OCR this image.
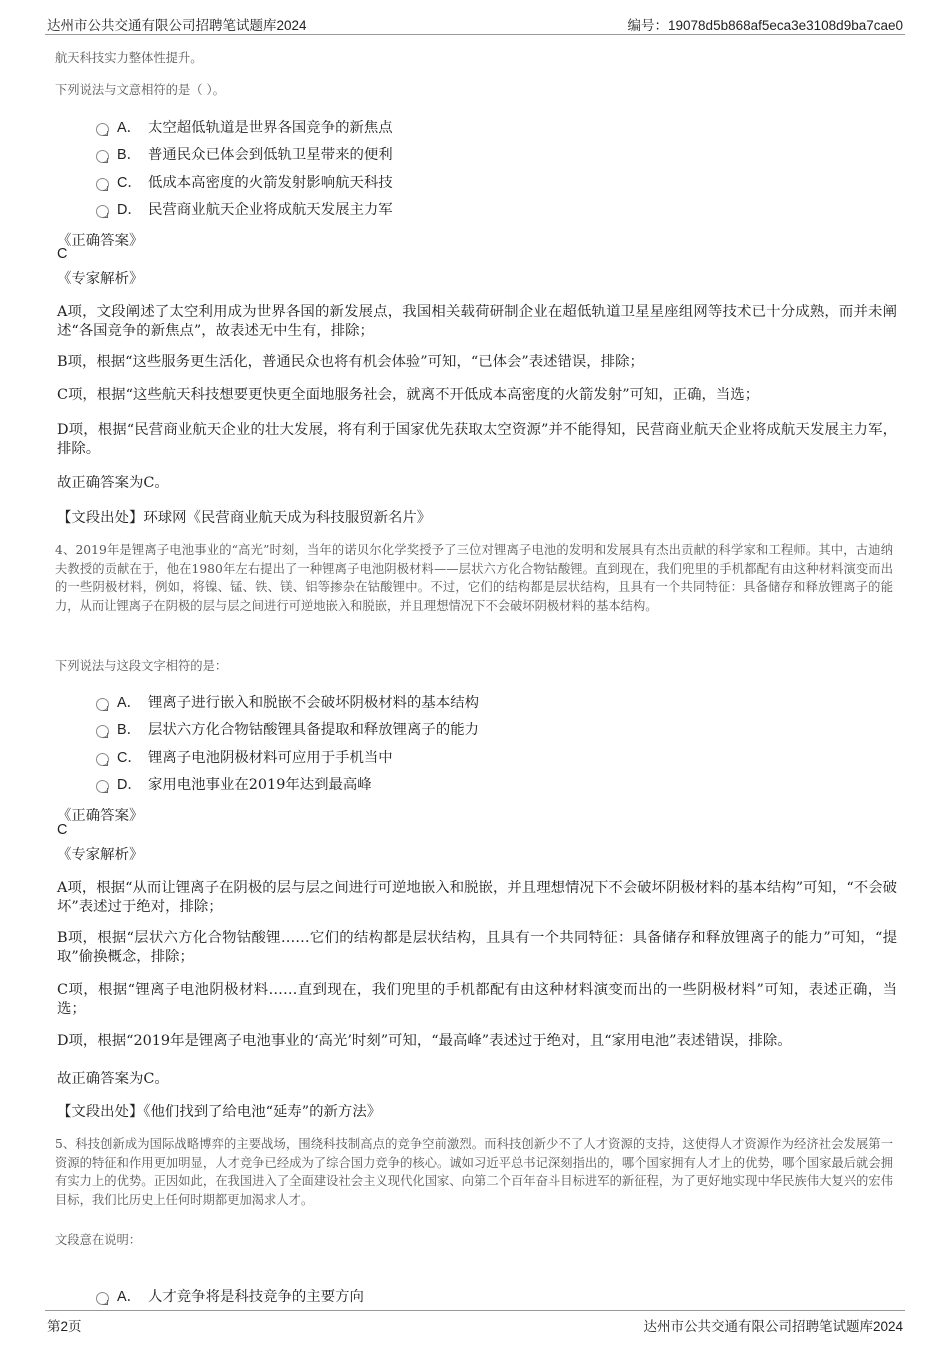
达州市公共交通有限公司招聘笔试题库2024	编号：19078d5b868af5eca3e3108d9ba7cae0
航天科技实力整体性提升。
下列说法与文意相符的是（ ）。
A． 太空超低轨道是世界各国竞争的新焦点
B． 普通民众已体会到低轨卫星带来的便利
C． 低成本高密度的火箭发射影响航天科技
D． 民营商业航天企业将成航天发展主力军
《正确答案》
C
《专家解析》
A项，文段阐述了太空利用成为世界各国的新发展点，我国相关载荷研制企业在超低轨道卫星星座组网等技术已十分成熟，而并未阐述“各国竞争的新焦点”，故表述无中生有，排除；
B项，根据“这些服务更生活化，普通民众也将有机会体验”可知，“已体会”表述错误，排除；
C项，根据“这些航天科技想要更快更全面地服务社会，就离不开低成本高密度的火箭发射”可知，正确，当选；
D项，根据“民营商业航天企业的壮大发展，将有利于国家优先获取太空资源”并不能得知，民营商业航天企业将成航天发展主力军，排除。
故正确答案为C。
【文段出处】环球网《民营商业航天成为科技服贸新名片》
4、2019年是锂离子电池事业的“高光”时刻，当年的诺贝尔化学奖授予了三位对锂离子电池的发明和发展具有杰出贡献的科学家和工程师。其中，古迪纳夫教授的贡献在于，他在1980年左右提出了一种锂离子电池阴极材料——层状六方化合物钴酸锂。直到现在，我们兜里的手机都配有由这种材料演变而出的一些阴极材料，例如，将镍、锰、铁、镁、铝等掺杂在钴酸锂中。不过，它们的结构都是层状结构，且具有一个共同特征：具备储存和释放锂离子的能力，从而让锂离子在阴极的层与层之间进行可逆地嵌入和脱嵌，并且理想情况下不会破坏阴极材料的基本结构。
下列说法与这段文字相符的是：
A． 锂离子进行嵌入和脱嵌不会破坏阴极材料的基本结构
B． 层状六方化合物钴酸锂具备提取和释放锂离子的能力
C． 锂离子电池阴极材料可应用于手机当中
D． 家用电池事业在2019年达到最高峰
《正确答案》
C
《专家解析》
A项，根据“从而让锂离子在阴极的层与层之间进行可逆地嵌入和脱嵌，并且理想情况下不会破坏阴极材料的基本结构”可知，“不会破坏”表述过于绝对，排除；
B项，根据“层状六方化合物钴酸锂……它们的结构都是层状结构，且具有一个共同特征：具备储存和释放锂离子的能力”可知，“提取”偷换概念，排除；
C项，根据“锂离子电池阴极材料……直到现在，我们兜里的手机都配有由这种材料演变而出的一些阴极材料”可知，表述正确，当选；
D项，根据“2019年是锂离子电池事业的‘高光’时刻”可知，“最高峰”表述过于绝对，且“家用电池”表述错误，排除。
故正确答案为C。
【文段出处】《他们找到了给电池“延寿”的新方法》
5、科技创新成为国际战略博弈的主要战场，围绕科技制高点的竞争空前激烈。而科技创新少不了人才资源的支持，这使得人才资源作为经济社会发展第一资源的特征和作用更加明显，人才竞争已经成为了综合国力竞争的核心。诚如习近平总书记深刻指出的，哪个国家拥有人才上的优势，哪个国家最后就会拥有实力上的优势。正因如此，在我国进入了全面建设社会主义现代化国家、向第二个百年奋斗目标进军的新征程，为了更好地实现中华民族伟大复兴的宏伟目标，我们比历史上任何时期都更加渴求人才。
文段意在说明：
A． 人才竞争将是科技竞争的主要方向
第2页	达州市公共交通有限公司招聘笔试题库2024
